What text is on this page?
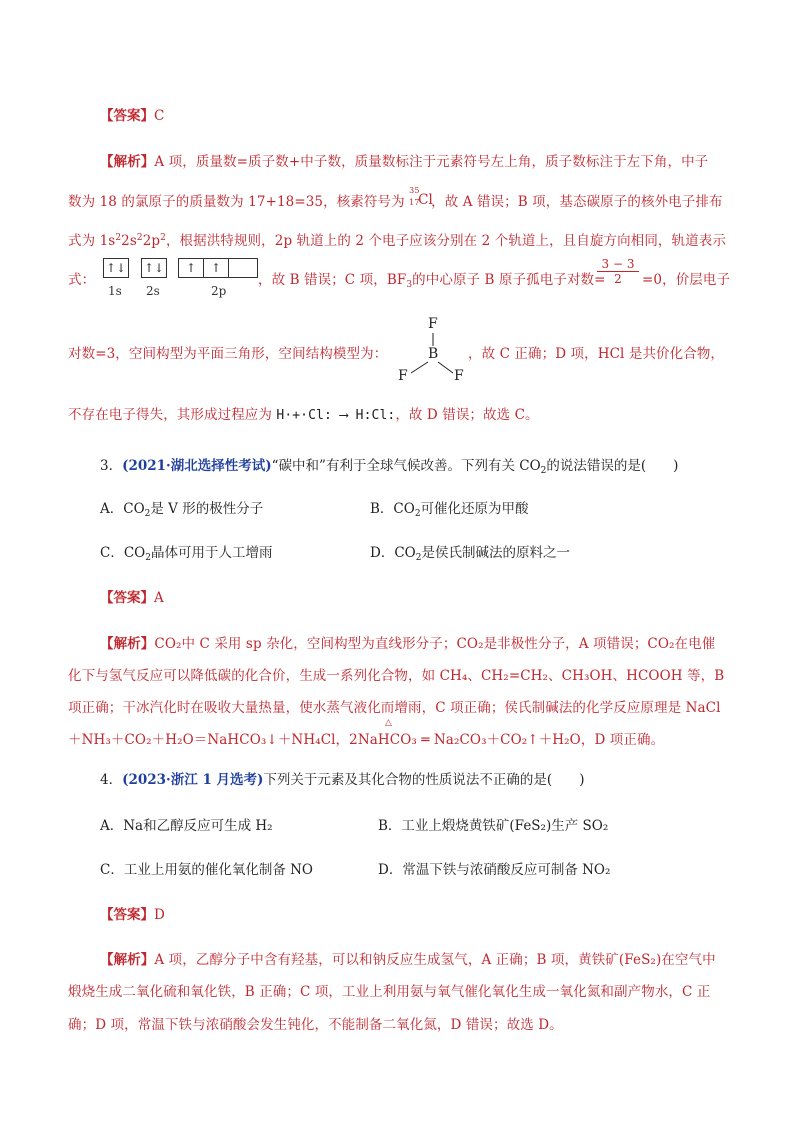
【答案】C
【解析】A 项，质量数=质子数+中子数，质量数标注于元素符号左上角，质子数标注于左下角，中子
数为 18 的氯原子的质量数为 17+18=35，核素符号为
35
17
Cl
，故 A 错误；B 项，基态碳原子的核外电子排布
式为 $1s^22s^22p^2$，根据洪特规则，2p 轨道上的 2 个电子应该分别在 2 个轨道上，且自旋方向相同，轨道表示
式：
↑↓ ↑↓	↑	↑
1s 2s	2p
，故 B 错误；C 项，$BF_3$的中心原子 B 原子孤电子对数=
$\frac{3 - 3}{2} =0$，价层电子
对数=3，空间构型为平面三角形，空间结构模型为：
F
B
F	F
，故 C 正确；D 项，HCl 是共价化合物，
不存在电子得失，其形成过程应为 H·+·Cl: ⟶ H:Cl:，故 D 错误；故选 C。
3．(2021·湖北选择性考试)“碳中和”有利于全球气候改善。下列有关 $CO_2$的说法错误的是(　　)
A．$CO_2$是 V 形的极性分子	B．$CO_2$可催化还原为甲酸
C．$CO_2$晶体可用于人工增雨	D．$CO_2$是侯氏制碱法的原料之一
【答案】A
【解析】CO₂中 C 采用 sp 杂化，空间构型为直线形分子；CO₂是非极性分子，A 项错误；CO₂在电催
化下与氢气反应可以降低碳的化合价，生成一系列化合物，如 CH₄、CH₂=CH₂、CH₃OH、HCOOH 等，B
项正确；干冰汽化时在吸收大量热量，使水蒸气液化而增雨，C 项正确；侯氏制碱法的化学反应原理是 NaCl
＋NH₃＋CO₂＋H₂O＝NaHCO₃↓＋NH₄Cl，2NaHCO₃ ═ Na₂CO₃＋CO₂↑＋H₂O，D 项正确。
△
4．(2023·浙江 1 月选考)下列关于元素及其化合物的性质说法不正确的是(　　)
A．Na和乙醇反应可生成 H₂	B．工业上煅烧黄铁矿(FeS₂)生产 SO₂
C．工业上用氨的催化氧化制备 NO	D．常温下铁与浓硝酸反应可制备 NO₂
【答案】D
【解析】A 项，乙醇分子中含有羟基，可以和钠反应生成氢气，A 正确；B 项，黄铁矿(FeS₂)在空气中
煅烧生成二氧化硫和氧化铁，B 正确；C 项，工业上利用氨与氧气催化氧化生成一氧化氮和副产物水，C 正
确；D 项，常温下铁与浓硝酸会发生钝化，不能制备二氧化氮，D 错误；故选 D。
